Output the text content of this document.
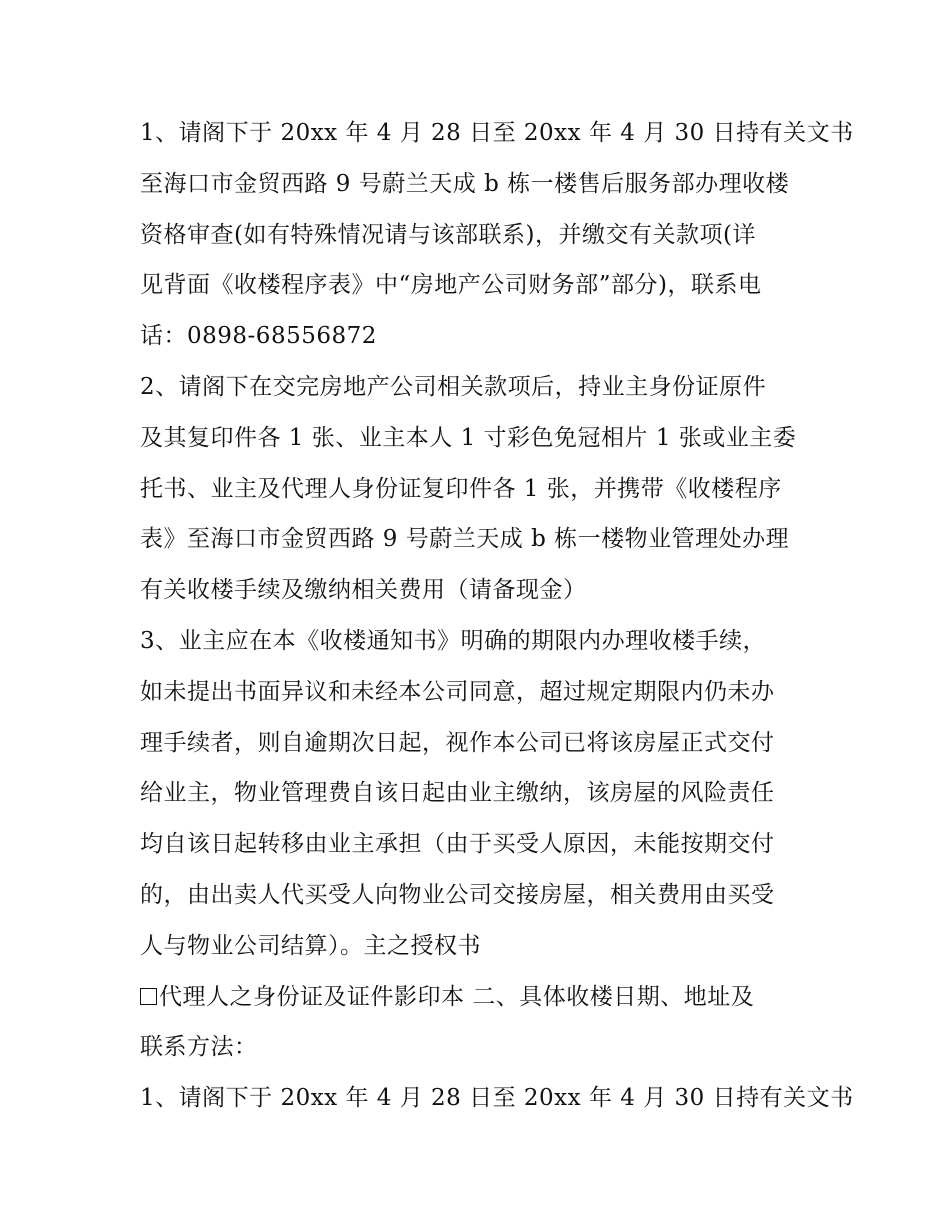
1、请阁下于 20xx 年 4 月 28 日至 20xx 年 4 月 30 日持有关文书
至海口市金贸西路 9 号蔚兰天成 b 栋一楼售后服务部办理收楼
资格审查(如有特殊情况请与该部联系)，并缴交有关款项(详
见背面《收楼程序表》中“房地产公司财务部”部分)，联系电
话：0898-68556872
2、请阁下在交完房地产公司相关款项后，持业主身份证原件
及其复印件各 1 张、业主本人 1 寸彩色免冠相片 1 张或业主委
托书、业主及代理人身份证复印件各 1 张，并携带《收楼程序
表》至海口市金贸西路 9 号蔚兰天成 b 栋一楼物业管理处办理
有关收楼手续及缴纳相关费用（请备现金）
3、业主应在本《收楼通知书》明确的期限内办理收楼手续，
如未提出书面异议和未经本公司同意，超过规定期限内仍未办
理手续者，则自逾期次日起，视作本公司已将该房屋正式交付
给业主，物业管理费自该日起由业主缴纳，该房屋的风险责任
均自该日起转移由业主承担（由于买受人原因，未能按期交付
的，由出卖人代买受人向物业公司交接房屋，相关费用由买受
人与物业公司结算）。主之授权书
代理人之身份证及证件影印本 二、具体收楼日期、地址及
联系方法：
1、请阁下于 20xx 年 4 月 28 日至 20xx 年 4 月 30 日持有关文书
